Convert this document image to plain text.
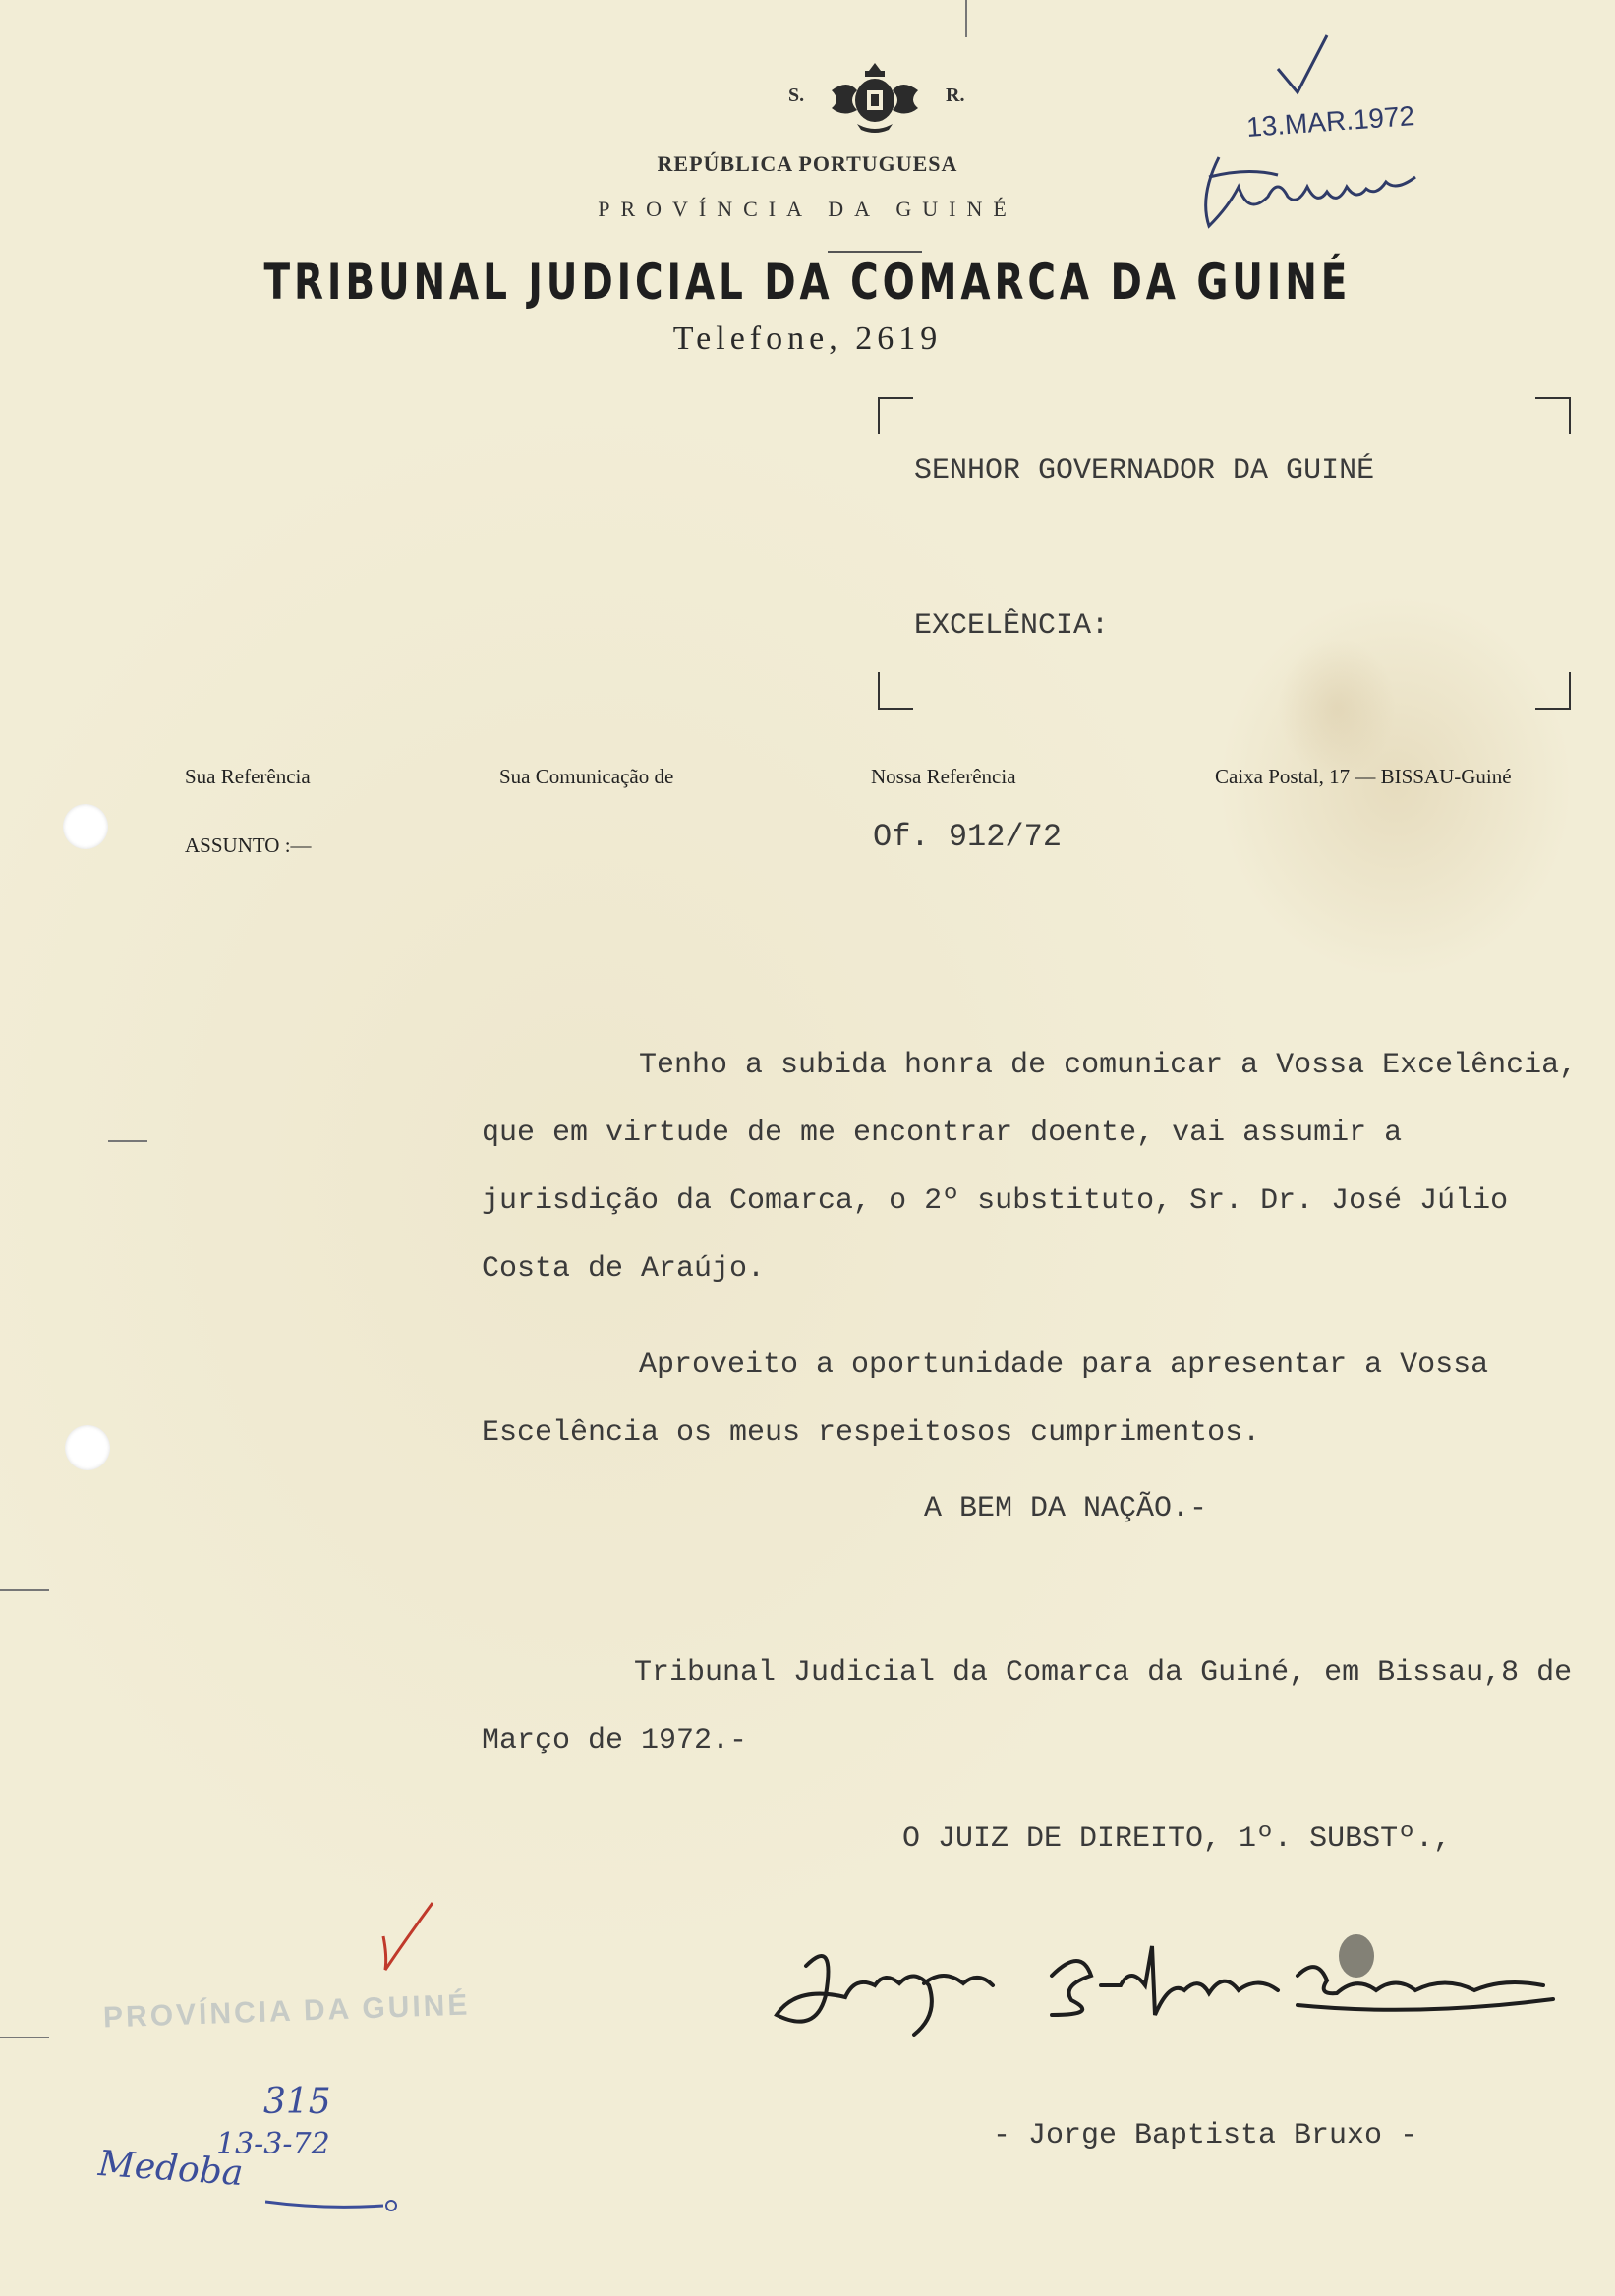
S.	R.
REPÚBLICA PORTUGUESA
PROVÍNCIA DA GUINÉ
TRIBUNAL JUDICIAL DA COMARCA DA GUINÉ
Telefone, 2619
13.MAR.1972
SENHOR GOVERNADOR DA GUINÉ
EXCELÊNCIA:
Sua Referência	Sua Comunicação de	Nossa Referência	Caixa Postal, 17 — BISSAU-Guiné
ASSUNTO :—	Of. 912/72
Tenho a subida honra de comunicar a Vossa Excelência, que em virtude de me encontrar doente, vai assumir a jurisdição da Comarca, o 2º substituto, Sr. Dr. José Júlio Costa de Araújo.
Aproveito a oportunidade para apresentar a Vossa Escelência os meus respeitosos cumprimentos.
A BEM DA NAÇÃO.-
Tribunal Judicial da Comarca da Guiné, em Bissau,8 de Março de 1972.-
O JUIZ DE DIREITO, 1º. SUBSTº.,
- Jorge Baptista Bruxo -
PROVÍNCIA DA GUINÉ
315
13-3-72
Medoba
